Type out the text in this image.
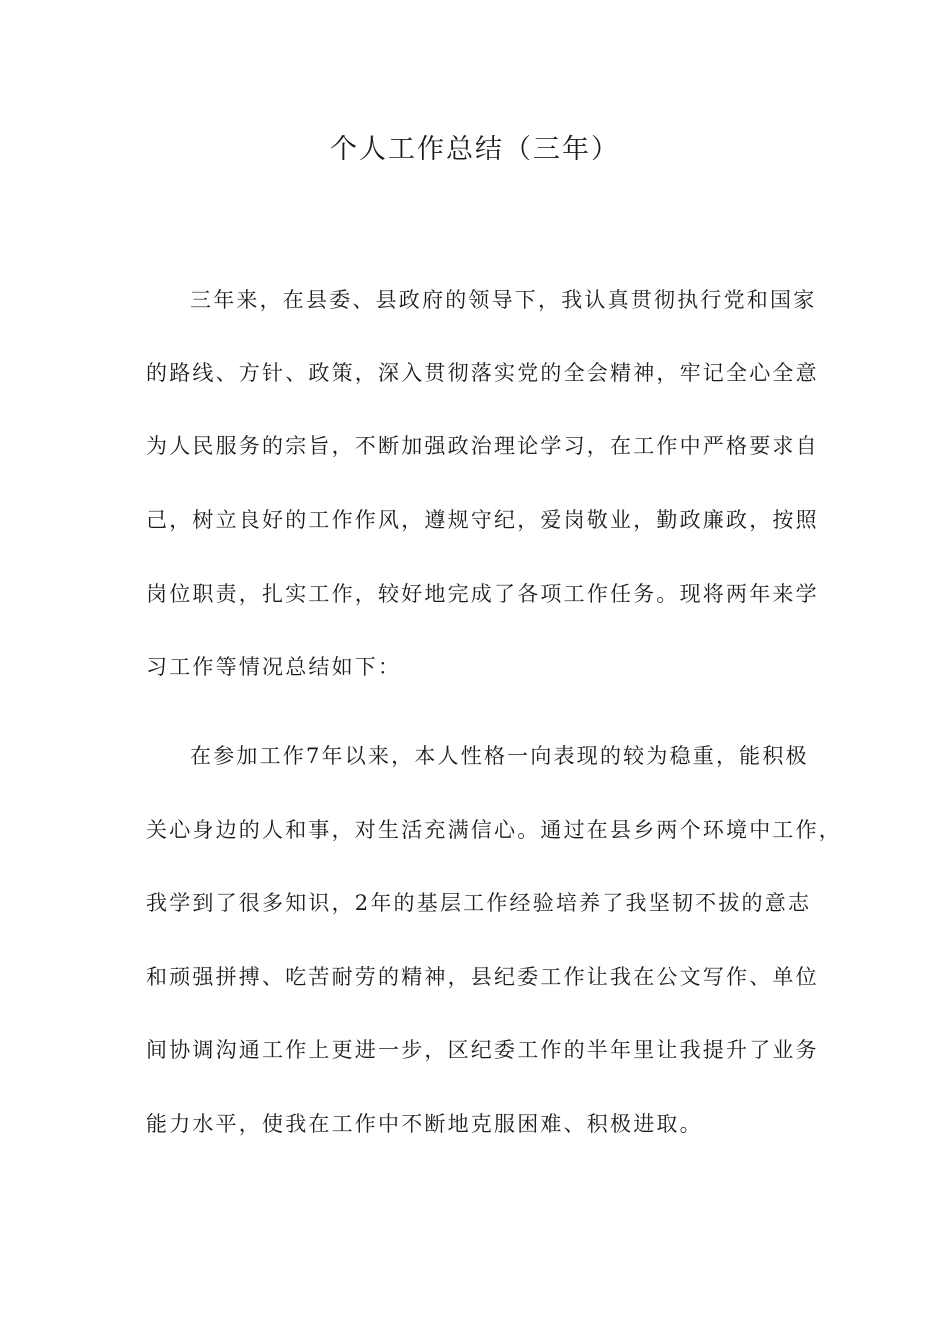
个人工作总结（三年）
三年来，在县委、县政府的领导下，我认真贯彻执行党和国家
的路线、方针、政策，深入贯彻落实党的全会精神，牢记全心全意
为人民服务的宗旨，不断加强政治理论学习，在工作中严格要求自
己，树立良好的工作作风，遵规守纪，爱岗敬业，勤政廉政，按照
岗位职责，扎实工作，较好地完成了各项工作任务。现将两年来学
习工作等情况总结如下：
在参加工作7年以来，本人性格一向表现的较为稳重，能积极
关心身边的人和事，对生活充满信心。通过在县乡两个环境中工作，
我学到了很多知识，2年的基层工作经验培养了我坚韧不拔的意志
和顽强拼搏、吃苦耐劳的精神，县纪委工作让我在公文写作、单位
间协调沟通工作上更进一步，区纪委工作的半年里让我提升了业务
能力水平，使我在工作中不断地克服困难、积极进取。
